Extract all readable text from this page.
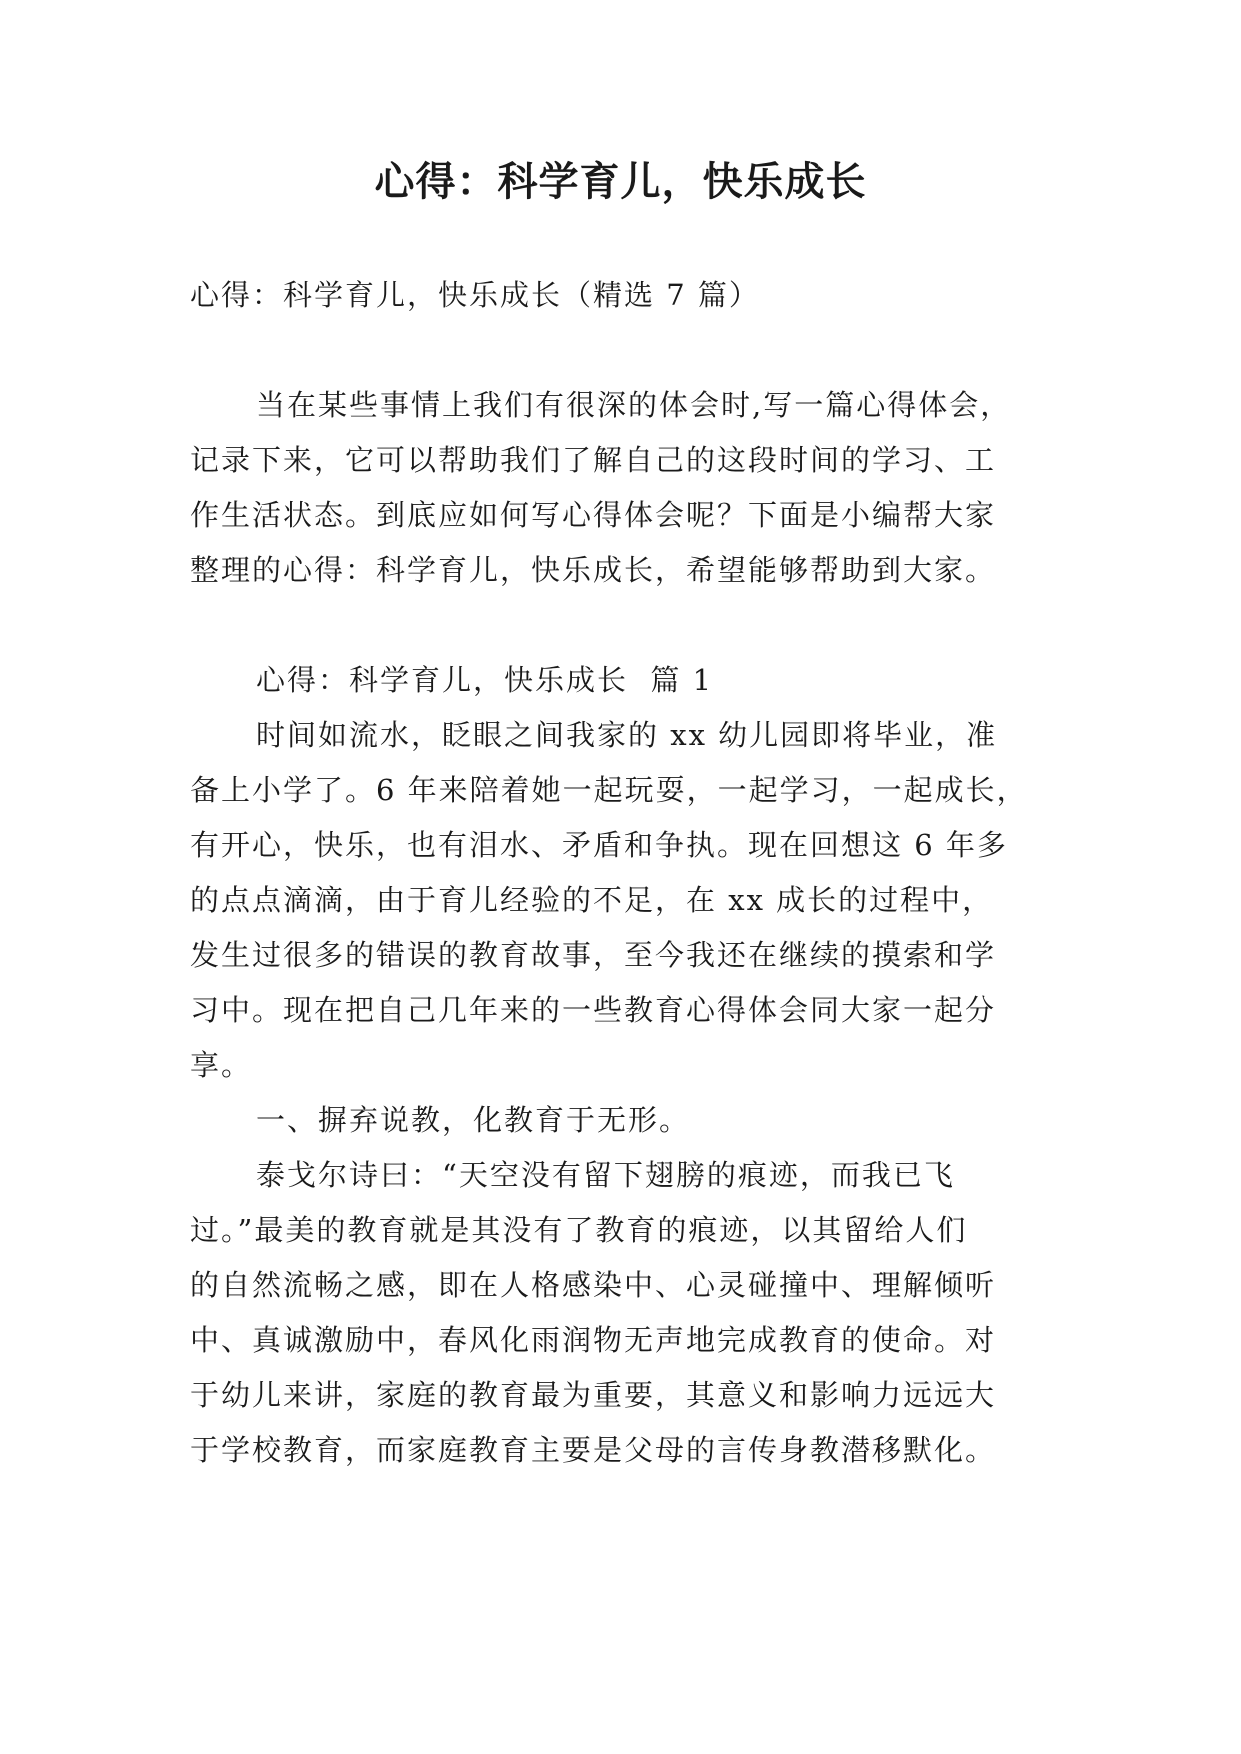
心得：科学育儿，快乐成长

心得：科学育儿，快乐成长（精选 7 篇）

当在某些事情上我们有很深的体会时,写一篇心得体会，

记录下来，它可以帮助我们了解自己的这段时间的学习、工

作生活状态。到底应如何写心得体会呢？下面是小编帮大家

整理的心得：科学育儿，快乐成长，希望能够帮助到大家。

心得：科学育儿，快乐成长  篇 1

时间如流水，眨眼之间我家的 xx 幼儿园即将毕业，准

备上小学了。6 年来陪着她一起玩耍，一起学习，一起成长，

有开心，快乐，也有泪水、矛盾和争执。现在回想这 6 年多

的点点滴滴，由于育儿经验的不足，在 xx 成长的过程中，

发生过很多的错误的教育故事，至今我还在继续的摸索和学

习中。现在把自己几年来的一些教育心得体会同大家一起分

享。

一、摒弃说教，化教育于无形。

泰戈尔诗曰：“天空没有留下翅膀的痕迹，而我已飞

过。”最美的教育就是其没有了教育的痕迹，以其留给人们

的自然流畅之感，即在人格感染中、心灵碰撞中、理解倾听

中、真诚激励中，春风化雨润物无声地完成教育的使命。对

于幼儿来讲，家庭的教育最为重要，其意义和影响力远远大

于学校教育，而家庭教育主要是父母的言传身教潜移默化。
